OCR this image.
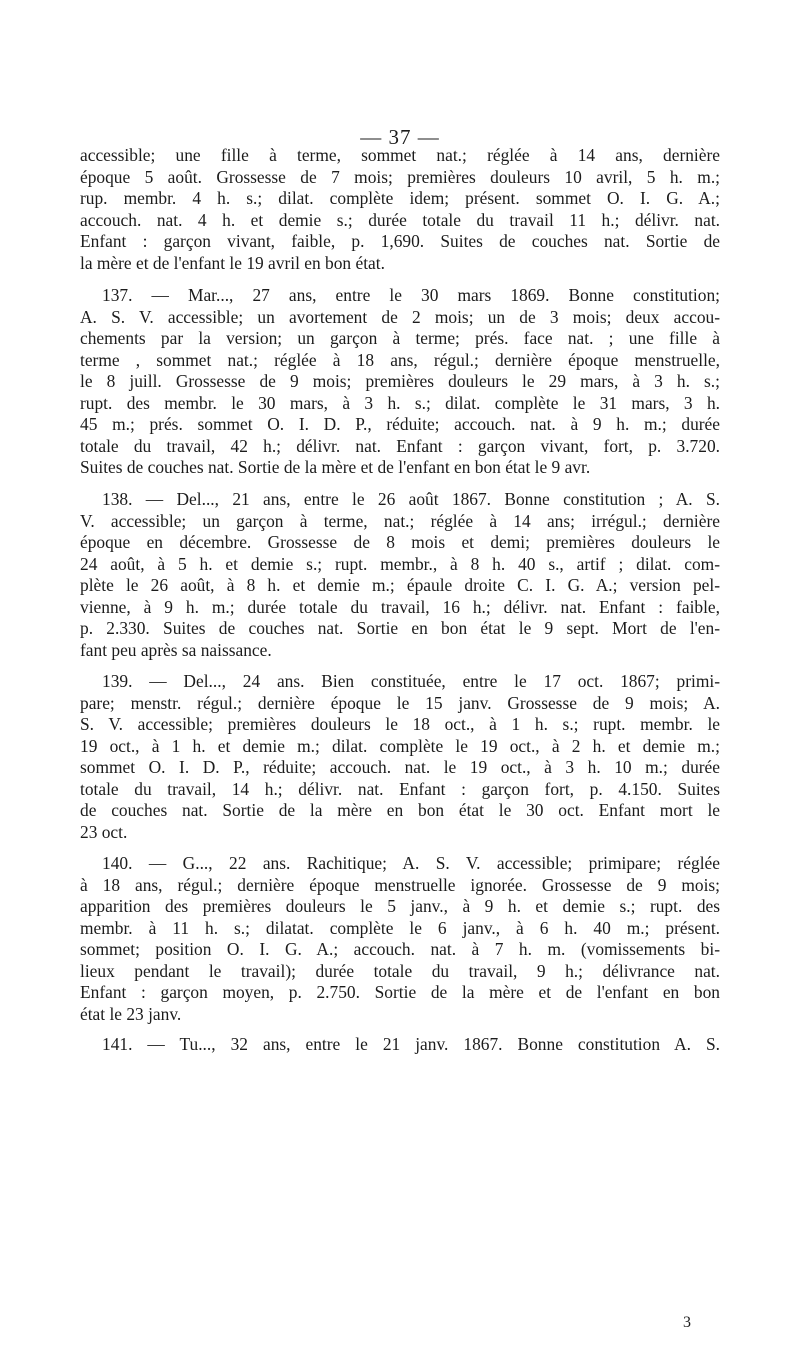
— 37 —
accessible; une fille à terme, sommet nat.; réglée à 14 ans, dernière
époque 5 août. Grossesse de 7 mois; premières douleurs 10 avril, 5 h. m.;
rup. membr. 4 h. s.; dilat. complète idem; présent. sommet O. I. G. A.;
accouch. nat. 4 h. et demie s.; durée totale du travail 11 h.; délivr. nat.
Enfant : garçon vivant, faible, p. 1,690. Suites de couches nat. Sortie de
la mère et de l'enfant le 19 avril en bon état.
137. — Mar..., 27 ans, entre le 30 mars 1869. Bonne constitution;
A. S. V. accessible; un avortement de 2 mois; un de 3 mois; deux accou-
chements par la version; un garçon à terme; prés. face nat. ; une fille à
terme , sommet nat.; réglée à 18 ans, régul.; dernière époque menstruelle,
le 8 juill. Grossesse de 9 mois; premières douleurs le 29 mars, à 3 h. s.;
rupt. des membr. le 30 mars, à 3 h. s.; dilat. complète le 31 mars, 3 h.
45 m.; prés. sommet O. I. D. P., réduite; accouch. nat. à 9 h. m.; durée
totale du travail, 42 h.; délivr. nat. Enfant : garçon vivant, fort, p. 3.720.
Suites de couches nat. Sortie de la mère et de l'enfant en bon état le 9 avr.
138. — Del..., 21 ans, entre le 26 août 1867. Bonne constitution ; A. S.
V. accessible; un garçon à terme, nat.; réglée à 14 ans; irrégul.; dernière
époque en décembre. Grossesse de 8 mois et demi; premières douleurs le
24 août, à 5 h. et demie s.; rupt. membr., à 8 h. 40 s., artif ; dilat. com-
plète le 26 août, à 8 h. et demie m.; épaule droite C. I. G. A.; version pel-
vienne, à 9 h. m.; durée totale du travail, 16 h.; délivr. nat. Enfant : faible,
p. 2.330. Suites de couches nat. Sortie en bon état le 9 sept. Mort de l'en-
fant peu après sa naissance.
139. — Del..., 24 ans. Bien constituée, entre le 17 oct. 1867; primi-
pare; menstr. régul.; dernière époque le 15 janv. Grossesse de 9 mois; A.
S. V. accessible; premières douleurs le 18 oct., à 1 h. s.; rupt. membr. le
19 oct., à 1 h. et demie m.; dilat. complète le 19 oct., à 2 h. et demie m.;
sommet O. I. D. P., réduite; accouch. nat. le 19 oct., à 3 h. 10 m.; durée
totale du travail, 14 h.; délivr. nat. Enfant : garçon fort, p. 4.150. Suites
de couches nat. Sortie de la mère en bon état le 30 oct. Enfant mort le
23 oct.
140. — G..., 22 ans. Rachitique; A. S. V. accessible; primipare; réglée
à 18 ans, régul.; dernière époque menstruelle ignorée. Grossesse de 9 mois;
apparition des premières douleurs le 5 janv., à 9 h. et demie s.; rupt. des
membr. à 11 h. s.; dilatat. complète le 6 janv., à 6 h. 40 m.; présent.
sommet; position O. I. G. A.; accouch. nat. à 7 h. m. (vomissements bi-
lieux pendant le travail); durée totale du travail, 9 h.; délivrance nat.
Enfant : garçon moyen, p. 2.750. Sortie de la mère et de l'enfant en bon
état le 23 janv.
141. — Tu..., 32 ans, entre le 21 janv. 1867. Bonne constitution A. S.
3
